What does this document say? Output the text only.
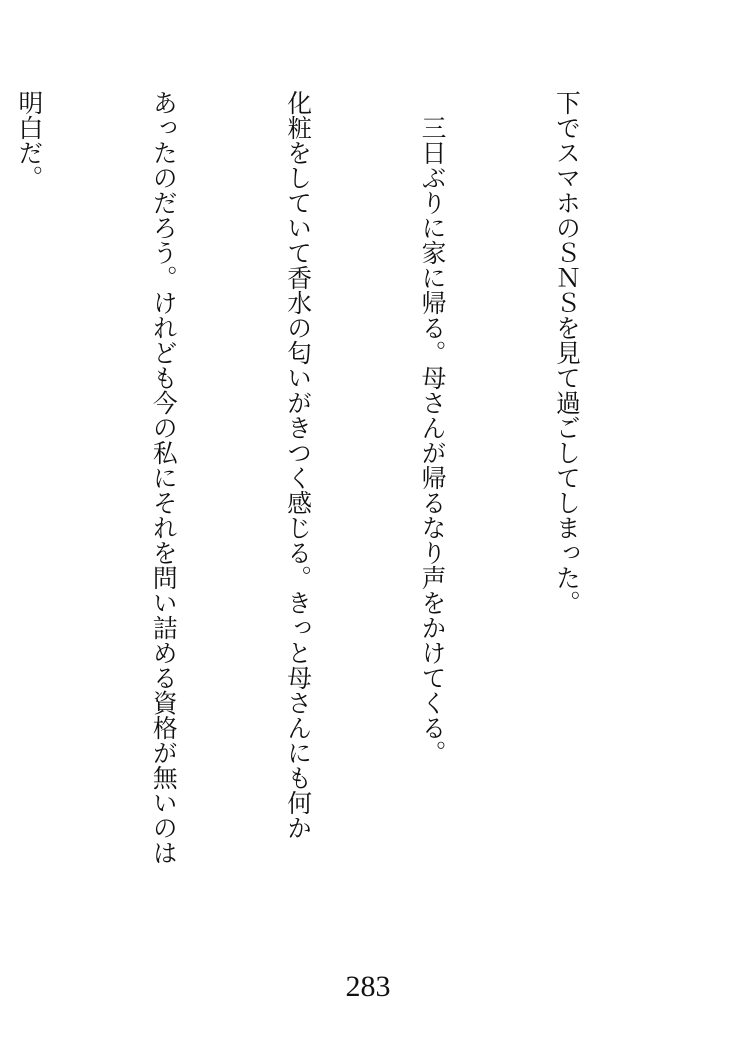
下でスマホのＳＮＳを見て過ごしてしまった。

　三日ぶりに家に帰る。母さんが帰るなり声をかけてくる。

化粧をしていて香水の匂いがきつく感じる。きっと母さんにも何か

あったのだろう。けれども今の私にそれを問い詰める資格が無いのは

明白だ。

283
